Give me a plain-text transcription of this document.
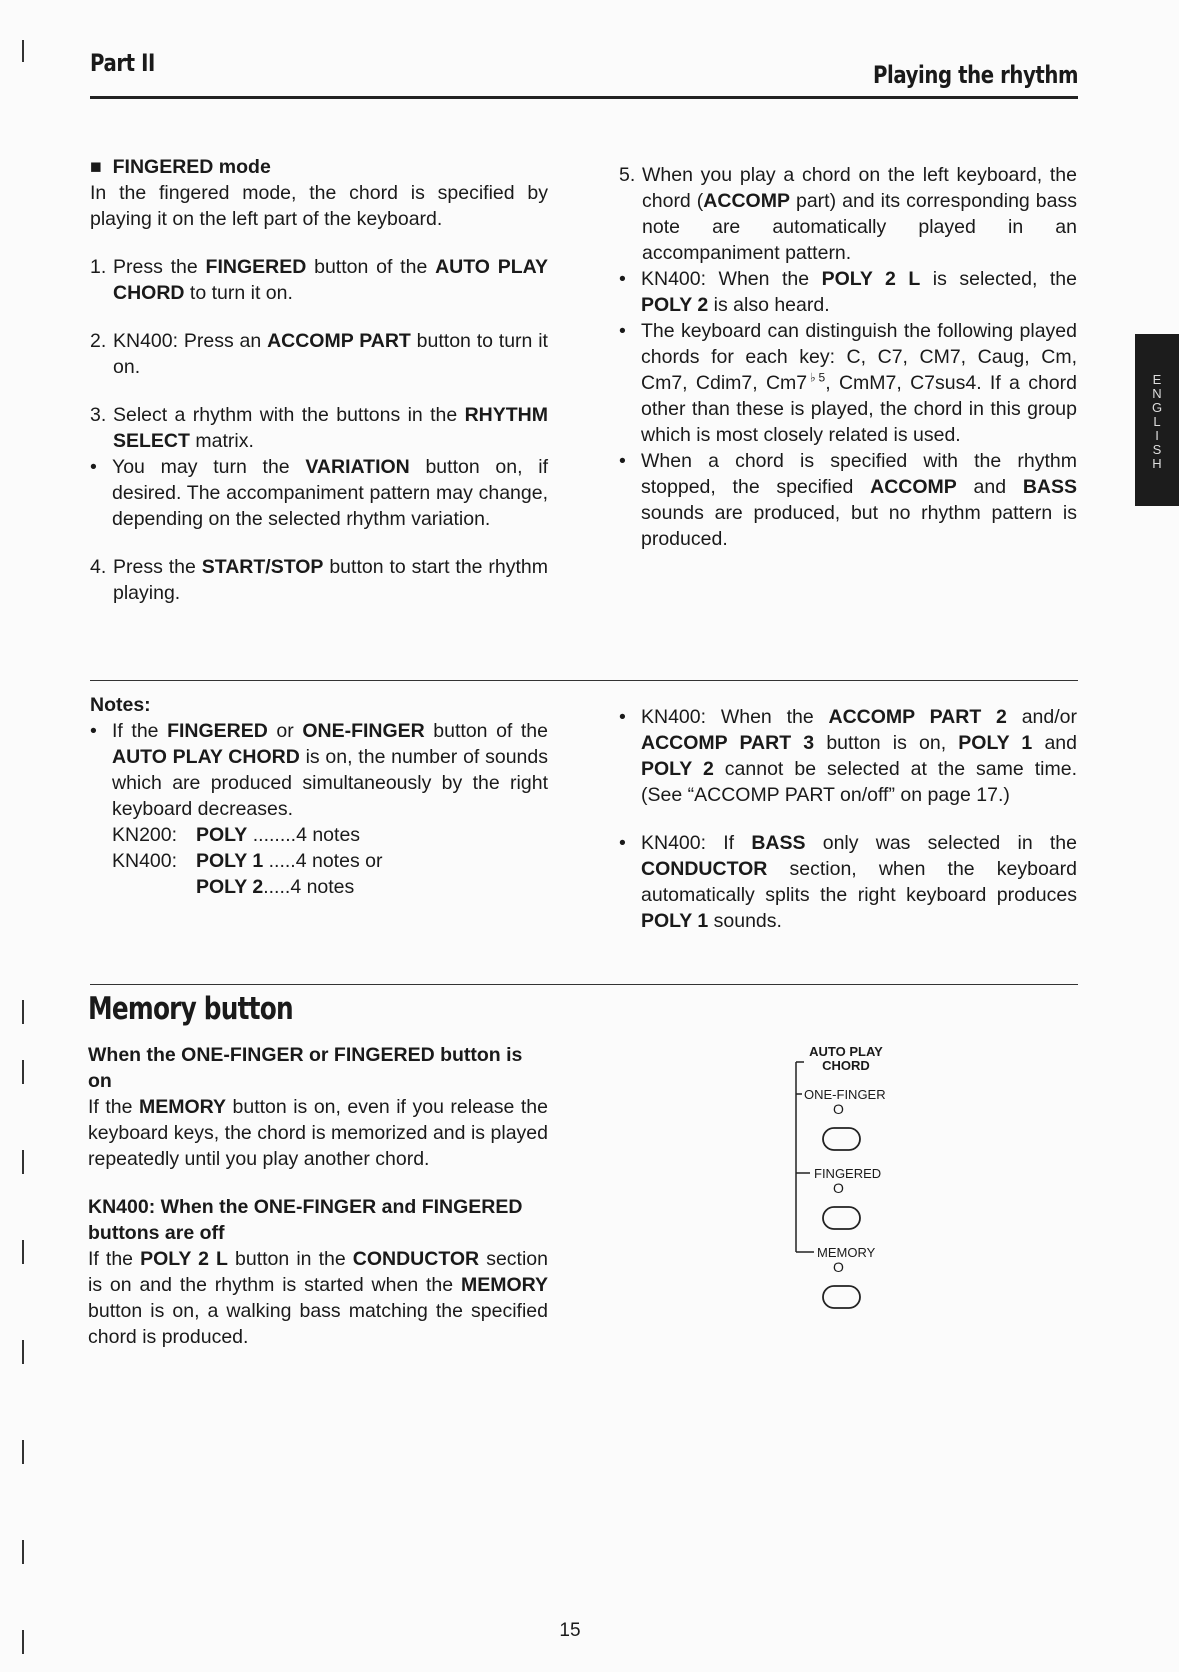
Part II	Playing the rhythm
E
N
G
L
I
S
H

■ FINGERED mode

In the fingered mode, the chord is specified by playing it on the left part of the keyboard.

1. Press the FINGERED button of the AUTO PLAY CHORD to turn it on.

2. KN400: Press an ACCOMP PART button to turn it on.

3. Select a rhythm with the buttons in the RHYTHM SELECT matrix.

• You may turn the VARIATION button on, if desired. The accompaniment pattern may change, depending on the selected rhythm variation.

4. Press the START/STOP button to start the rhythm playing.

5. When you play a chord on the left keyboard, the chord (ACCOMP part) and its corresponding bass note are automatically played in an accompaniment pattern.

• KN400: When the POLY 2 L is selected, the POLY 2 is also heard.

• The keyboard can distinguish the following played chords for each key: C, C7, CM7, Caug, Cm, Cm7, Cdim7, $Cm7^{♭5}$, CmM7, C7sus4. If a chord other than these is played, the chord in this group which is most closely related is used.

• When a chord is specified with the rhythm stopped, the specified ACCOMP and BASS sounds are produced, but no rhythm pattern is produced.

Notes:

• If the FINGERED or ONE-FINGER button of the AUTO PLAY CHORD is on, the number of sounds which are produced simultaneously by the right keyboard decreases.

KN200: POLY ........4 notes

KN400: POLY 1 .....4 notes or

POLY 2.....4 notes

• KN400: When the ACCOMP PART 2 and/or ACCOMP PART 3 button is on, POLY 1 and POLY 2 cannot be selected at the same time. (See “ACCOMP PART on/off” on page 17.)

• KN400: If BASS only was selected in the CONDUCTOR section, when the keyboard automatically splits the right keyboard produces POLY 1 sounds.

Memory button

When the ONE-FINGER or FINGERED button is on

If the MEMORY button is on, even if you release the keyboard keys, the chord is memorized and is played repeatedly until you play another chord.

KN400: When the ONE-FINGER and FINGERED buttons are off

If the POLY 2 L button in the CONDUCTOR section is on and the rhythm is started when the MEMORY button is on, a walking bass matching the specified chord is produced.

AUTO PLAY
CHORD
ONE-FINGER
O
FINGERED
O
MEMORY
O
15
